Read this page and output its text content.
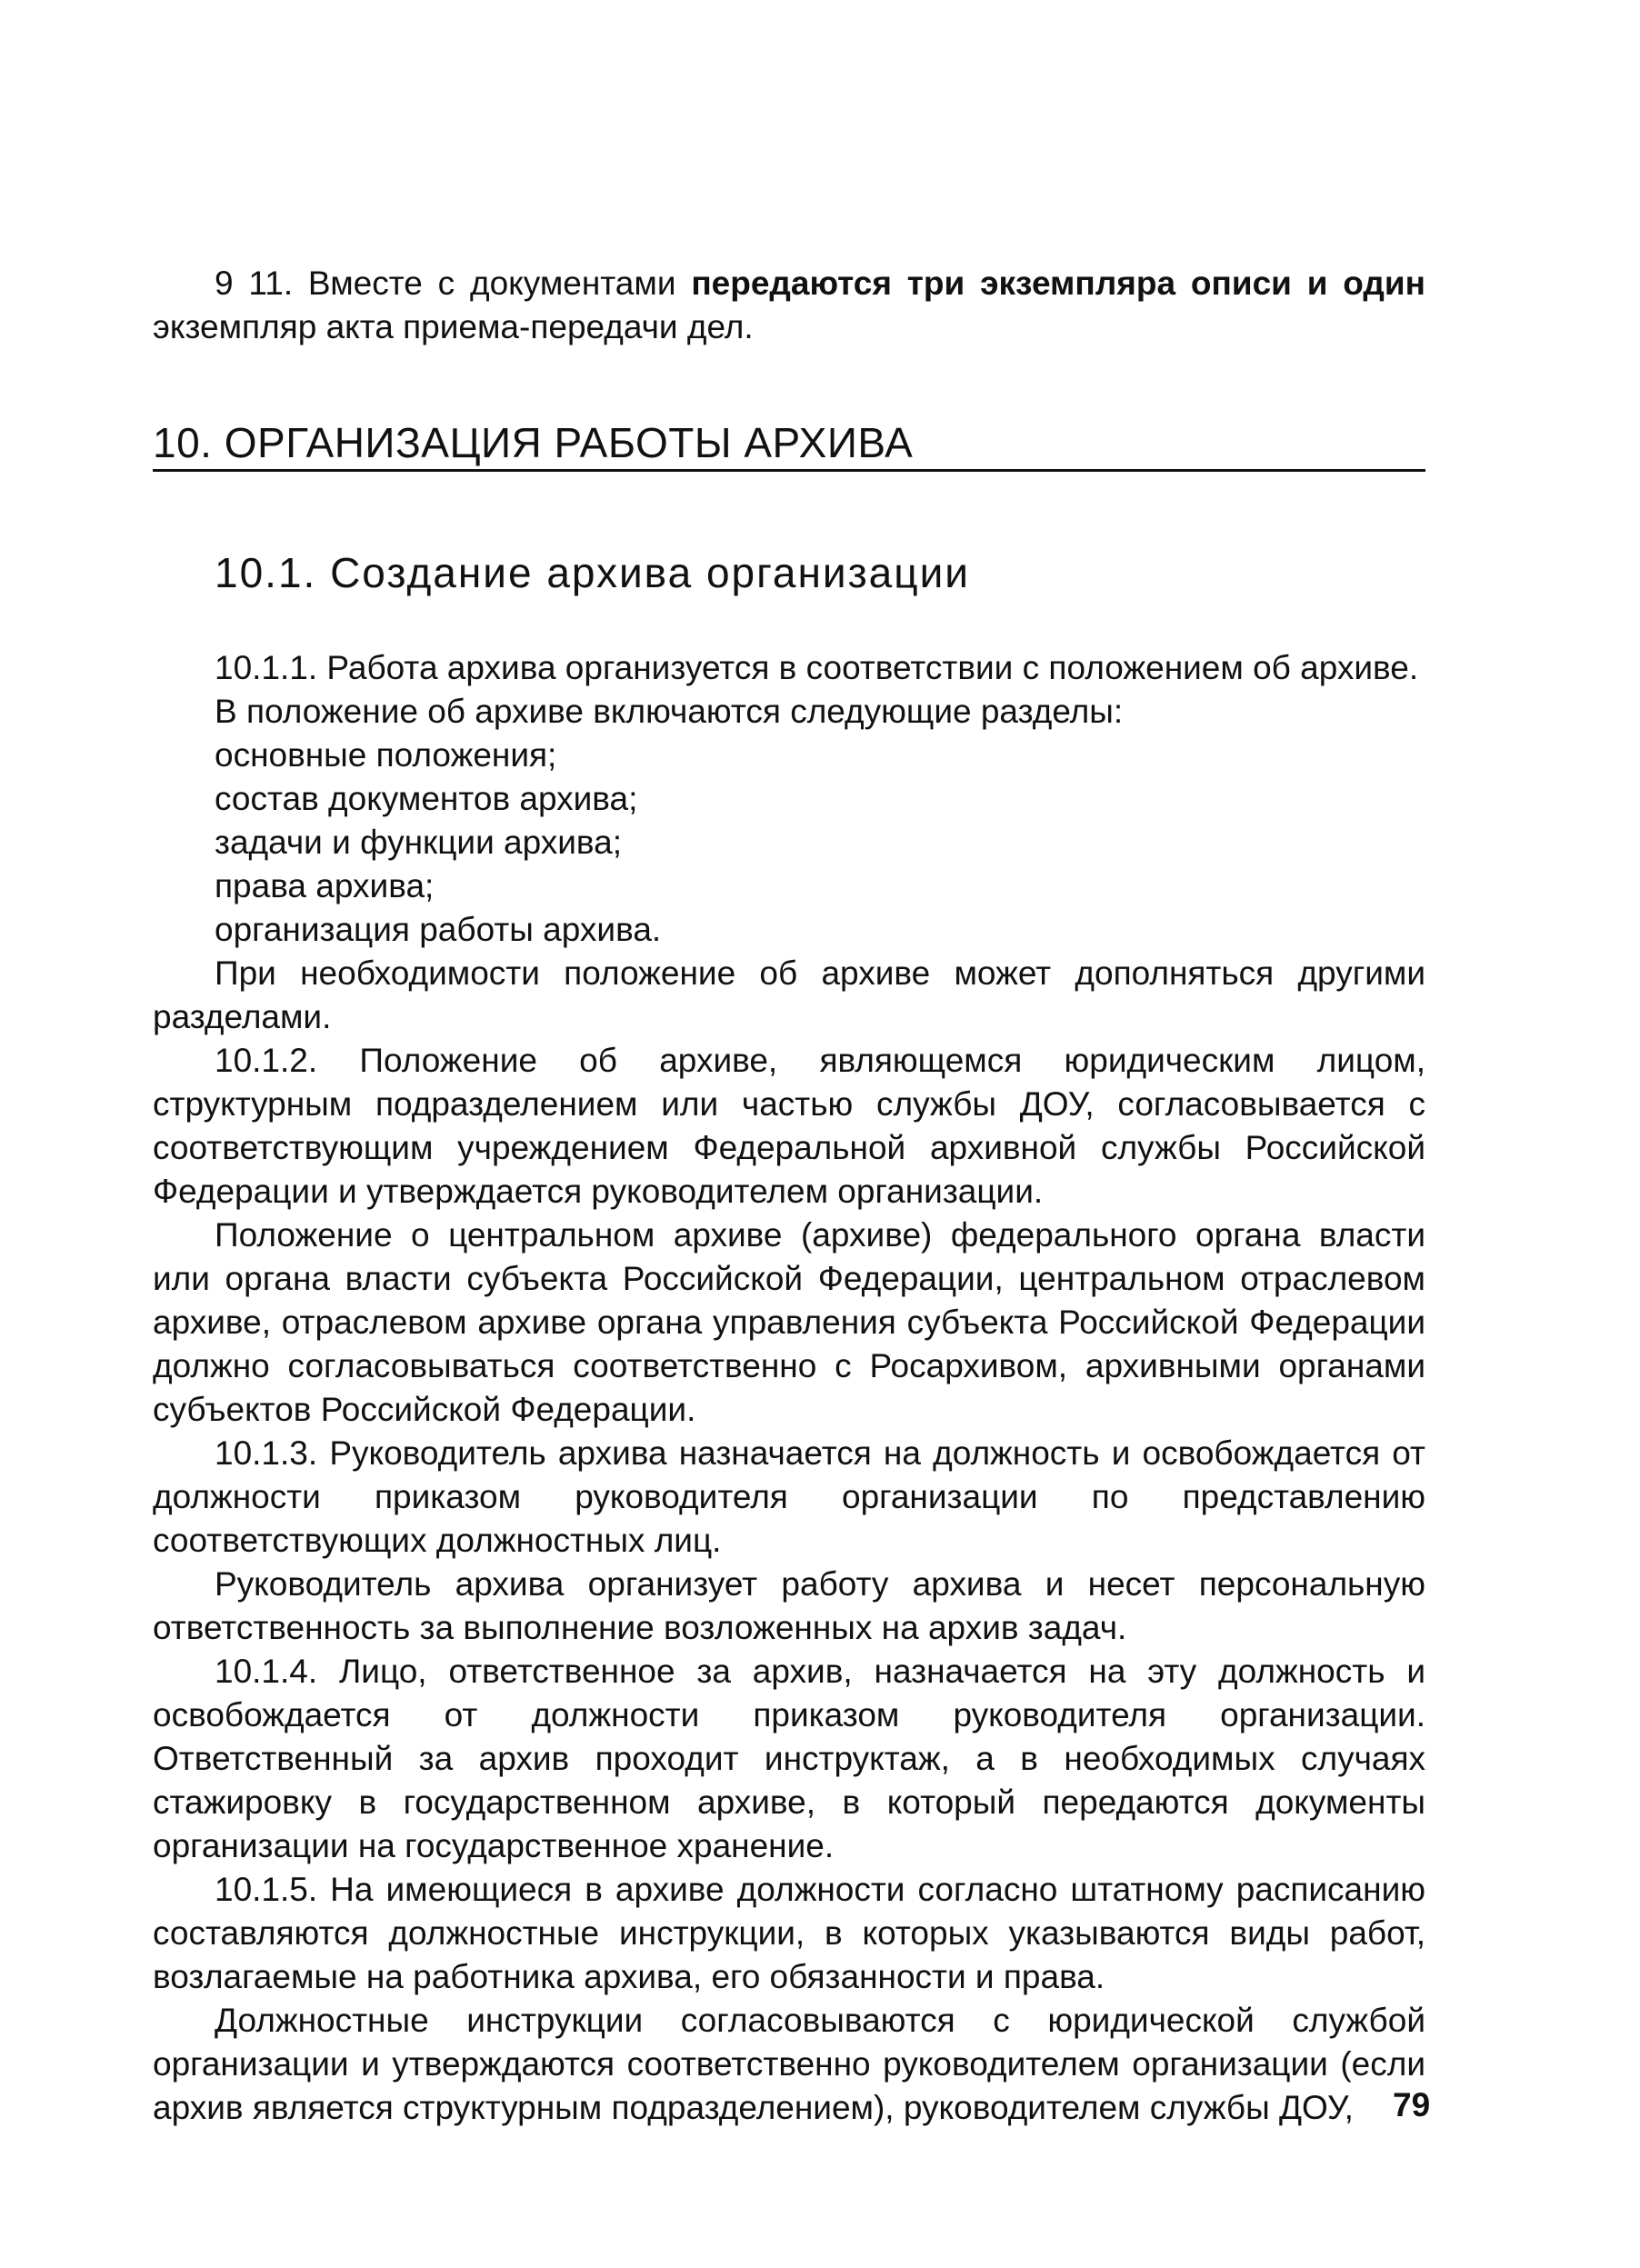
9 11. Вместе с документами передаются три экземпляра описи и один экземпляр акта приема-передачи дел.

10. ОРГАНИЗАЦИЯ РАБОТЫ АРХИВА
10.1. Создание архива организации

10.1.1. Работа архива организуется в соответствии с положением об архиве.

В положение об архиве включаются следующие разделы:

основные положения;

состав документов архива;

задачи и функции архива;

права архива;

организация работы архива.

При необходимости положение об архиве может дополняться другими разделами.

10.1.2. Положение об архиве, являющемся юридическим лицом, структурным подразделением или частью службы ДОУ, согласовывается с соответствующим учреждением Федеральной архивной службы Российской Федерации и утверждается руководителем организации.

Положение о центральном архиве (архиве) федерального органа власти или органа власти субъекта Российской Федерации, центральном отраслевом архиве, отраслевом архиве органа управления субъекта Российской Федерации должно согласовываться соответственно с Росархивом, архивными органами субъектов Российской Федерации.

10.1.3. Руководитель архива назначается на должность и освобождается от должности приказом руководителя организации по представлению соответствующих должностных лиц.

Руководитель архива организует работу архива и несет персональную ответственность за выполнение возложенных на архив задач.

10.1.4. Лицо, ответственное за архив, назначается на эту должность и освобождается от должности приказом руководителя организации. Ответственный за архив проходит инструктаж, а в необходимых случаях стажировку в государственном архиве, в который передаются документы организации на государственное хранение.

10.1.5. На имеющиеся в архиве должности согласно штатному расписанию составляются должностные инструкции, в которых указываются виды работ, возлагаемые на работника архива, его обязанности и права.

Должностные инструкции согласовываются с юридической службой организации и утверждаются соответственно руководителем организации (если архив является структурным подразделением), руководителем службы ДОУ,	79
